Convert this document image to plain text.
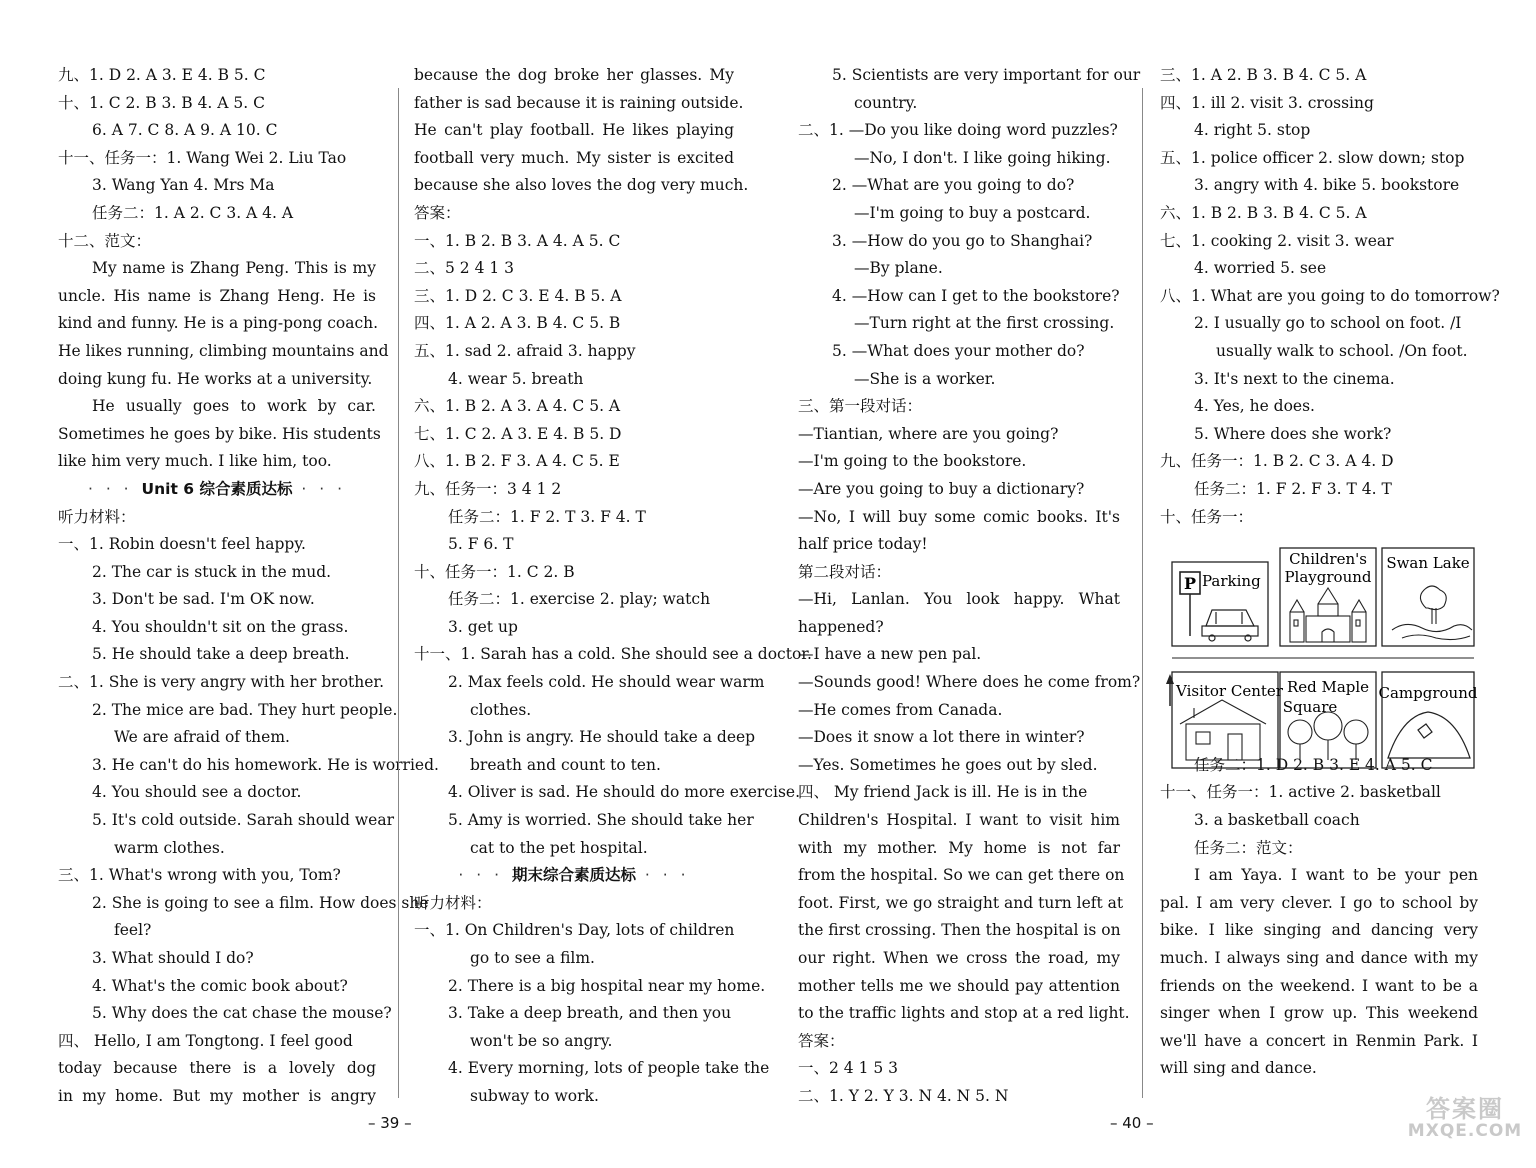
九、1. D 2. A 3. E 4. B 5. C
十、1. C 2. B 3. B 4. A 5. C
6. A 7. C 8. A 9. A 10. C
十一、任务一：1. Wang Wei 2. Liu Tao
3. Wang Yan 4. Mrs Ma
任务二：1. A 2. C 3. A 4. A
十二、范文：
My name is Zhang Peng. This is my
uncle. His name is Zhang Heng. He is
kind and funny. He is a ping-pong coach.
He likes running, climbing mountains and
doing kung fu. He works at a university.
He usually goes to work by car.
Sometimes he goes by bike. His students
like him very much. I like him, too.
· · · Unit 6 综合素质达标 · · ·
听力材料：
一、1. Robin doesn't feel happy.
2. The car is stuck in the mud.
3. Don't be sad. I'm OK now.
4. You shouldn't sit on the grass.
5. He should take a deep breath.
二、1. She is very angry with her brother.
2. The mice are bad. They hurt people.
We are afraid of them.
3. He can't do his homework. He is worried.
4. You should see a doctor.
5. It's cold outside. Sarah should wear
warm clothes.
三、1. What's wrong with you, Tom?
2. She is going to see a film. How does she
feel?
3. What should I do?
4. What's the comic book about?
5. Why does the cat chase the mouse?
四、 Hello, I am Tongtong. I feel good
today because there is a lovely dog
in my home. But my mother is angry
because the dog broke her glasses. My
father is sad because it is raining outside.
He can't play football. He likes playing
football very much. My sister is excited
because she also loves the dog very much.
答案：
一、1. B 2. B 3. A 4. A 5. C
二、5 2 4 1 3
三、1. D 2. C 3. E 4. B 5. A
四、1. A 2. A 3. B 4. C 5. B
五、1. sad 2. afraid 3. happy
4. wear 5. breath
六、1. B 2. A 3. A 4. C 5. A
七、1. C 2. A 3. E 4. B 5. D
八、1. B 2. F 3. A 4. C 5. E
九、任务一：3 4 1 2
任务二：1. F 2. T 3. F 4. T
5. F 6. T
十、任务一：1. C 2. B
任务二：1. exercise 2. play; watch
3. get up
十一、1. Sarah has a cold. She should see a doctor.
2. Max feels cold. He should wear warm
clothes.
3. John is angry. He should take a deep
breath and count to ten.
4. Oliver is sad. He should do more exercise.
5. Amy is worried. She should take her
cat to the pet hospital.
· · · 期末综合素质达标 · · ·
听力材料：
一、1. On Children's Day, lots of children
go to see a film.
2. There is a big hospital near my home.
3. Take a deep breath, and then you
won't be so angry.
4. Every morning, lots of people take the
subway to work.
5. Scientists are very important for our
country.
二、1. —Do you like doing word puzzles?
—No, I don't. I like going hiking.
2. —What are you going to do?
—I'm going to buy a postcard.
3. —How do you go to Shanghai?
—By plane.
4. —How can I get to the bookstore?
—Turn right at the first crossing.
5. —What does your mother do?
—She is a worker.
三、第一段对话：
—Tiantian, where are you going?
—I'm going to the bookstore.
—Are you going to buy a dictionary?
—No, I will buy some comic books. It's
half price today!
第二段对话：
—Hi, Lanlan. You look happy. What
happened?
—I have a new pen pal.
—Sounds good! Where does he come from?
—He comes from Canada.
—Does it snow a lot there in winter?
—Yes. Sometimes he goes out by sled.
四、 My friend Jack is ill. He is in the
Children's Hospital. I want to visit him
with my mother. My home is not far
from the hospital. So we can get there on
foot. First, we go straight and turn left at
the first crossing. Then the hospital is on
our right. When we cross the road, my
mother tells me we should pay attention
to the traffic lights and stop at a red light.
答案：
一、2 4 1 5 3
二、1. Y 2. Y 3. N 4. N 5. N
三、1. A 2. B 3. B 4. C 5. A
四、1. ill 2. visit 3. crossing
4. right 5. stop
五、1. police officer 2. slow down; stop
3. angry with 4. bike 5. bookstore
六、1. B 2. B 3. B 4. C 5. A
七、1. cooking 2. visit 3. wear
4. worried 5. see
八、1. What are you going to do tomorrow?
2. I usually go to school on foot. /I
usually walk to school. /On foot.
3. It's next to the cinema.
4. Yes, he does.
5. Where does she work?
九、任务一：1. B 2. C 3. A 4. D
任务二：1. F 2. F 3. T 4. T
十、任务一：
任务二：1. D 2. B 3. E 4. A 5. C
十一、任务一：1. active 2. basketball
3. a basketball coach
任务二：范文：
I am Yaya. I want to be your pen
pal. I am very clever. I go to school by
bike. I like singing and dancing very
much. I always sing and dance with my
friends on the weekend. I want to be a
singer when I grow up. This weekend
we'll have a concert in Renmin Park. I
will sing and dance.
– 39 –	– 40 –
P Parking
Children's
Playground
Swan Lake
Visitor Center Red Maple
Square
Campground
答案圈
MXQE.COM
